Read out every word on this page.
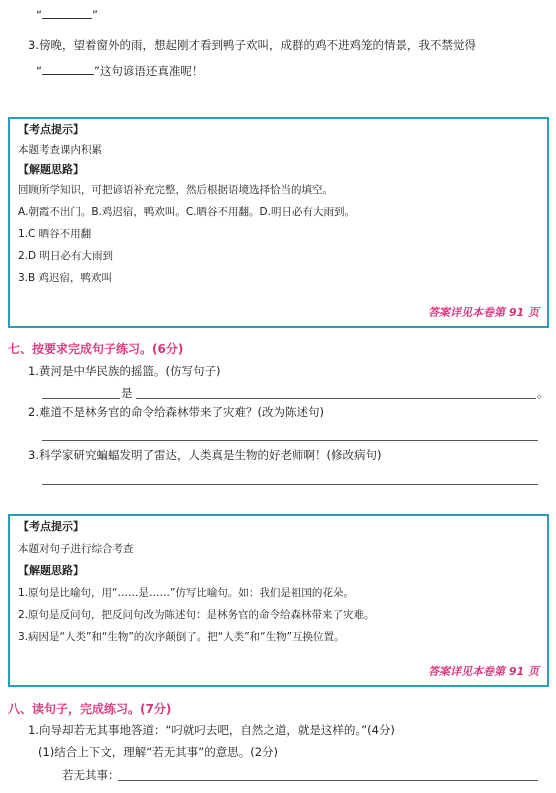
“	”
3.傍晚，望着窗外的雨，想起刚才看到鸭子欢叫，成群的鸡不进鸡笼的情景，我不禁觉得
“	”这句谚语还真准呢！
【考点提示】
本题考查课内积累
【解题思路】
回顾所学知识，可把谚语补充完整，然后根据语境选择恰当的填空。
A.朝霞不出门。B.鸡迟宿，鸭欢叫。C.晒谷不用翻。D.明日必有大雨到。
1.C 晒谷不用翻
2.D 明日必有大雨到
3.B 鸡迟宿，鸭欢叫
答案详见本卷第 91 页
七、按要求完成句子练习。(6分)
1.黄河是中华民族的摇篮。(仿写句子)
是	。
2.难道不是林务官的命令给森林带来了灾难？(改为陈述句)
3.科学家研究蝙蝠发明了雷达，人类真是生物的好老师啊！(修改病句)
【考点提示】
本题对句子进行综合考查
【解题思路】
1.原句是比喻句，用“……是……”仿写比喻句。如：我们是祖国的花朵。
2.原句是反问句，把反问句改为陈述句：是林务官的命令给森林带来了灾难。
3.病因是“人类”和“生物”的次序颠倒了。把“人类”和“生物”互换位置。
答案详见本卷第 91 页
八、读句子，完成练习。(7分)
1.向导却若无其事地答道：“叼就叼去吧，自然之道，就是这样的。”(4分)
(1)结合上下文，理解“若无其事”的意思。(2分)
若无其事：
